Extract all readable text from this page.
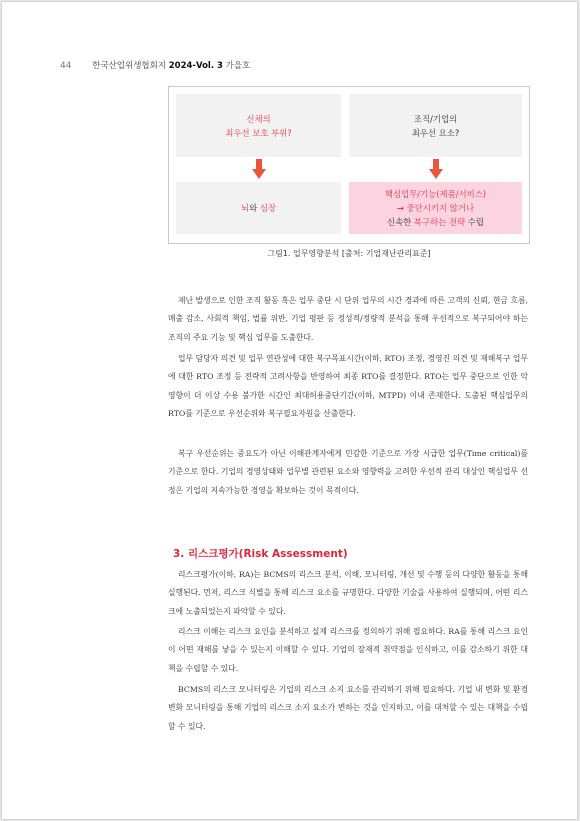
44 한국산업위생협회지 2024-Vol. 3 가을호
신체의
최우선 보호 부위?
조직/기업의
최우선 요소?
뇌와 심장
핵심업무/기능(제품/서비스)
→ 중단시키지 않거나
신속한 복구하는 전략 수립
그림1. 업무영향분석 [출처: 기업재난관리표준]

재난 발생으로 인한 조직 활동 혹은 업무 중단 시 단위 업무의 시간 경과에 따른 고객의 신뢰, 현금 흐름, 매출 감소, 사회적 책임, 법률 위반, 기업 평판 등 정성적/정량적 분석을 통해 우선적으로 복구되어야 하는 조직의 주요 기능 및 핵심 업무를 도출한다.

업무 담당자 의견 및 업무 연관성에 대한 복구목표시간(이하, RTO) 조정, 경영진 의견 및 재해복구 업무에 대한 RTO 조정 등 전략적 고려사항을 반영하여 최종 RTO를 결정한다. RTO는 업무 중단으로 인한 악영향이 더 이상 수용 불가한 시간인 최대허용중단기간(이하, MTPD) 이내 존재한다. 도출된 핵심업무의 RTO를 기준으로 우선순위와 복구필요자원을 산출한다.

복구 우선순위는 중요도가 아닌 이해관계자에게 민감한 기준으로 가장 시급한 업무(Time critical)를 기준으로 한다. 기업의 경영상태와 업무별 관련된 요소와 영향력을 고려한 우선적 관리 대상인 핵심업무 선정은 기업의 지속가능한 경영을 확보하는 것이 목적이다.

3. 리스크평가(Risk Assessment)

리스크평가(이하, RA)는 BCMS의 리스크 분석, 이해, 모니터링, 개선 및 수행 등의 다양한 활동을 통해 실행된다. 먼저, 리스크 식별을 통해 리스크 요소를 규명한다. 다양한 기술을 사용하여 실행되며, 어떤 리스크에 노출되었는지 파악할 수 있다.

리스크 이해는 리스크 요인을 분석하고 실제 리스크를 정의하기 위해 필요하다. RA를 통해 리스크 요인이 어떤 재해를 낳을 수 있는지 이해할 수 있다. 기업의 잠재적 취약점을 인식하고, 이를 감소하기 위한 대책을 수립할 수 있다.

BCMS의 리스크 모니터링은 기업의 리스크 소지 요소를 관리하기 위해 필요하다. 기업 내 변화 및 환경 변화 모니터링을 통해 기업의 리스크 소지 요소가 변하는 것을 인지하고, 이를 대처할 수 있는 대책을 수립할 수 있다.
